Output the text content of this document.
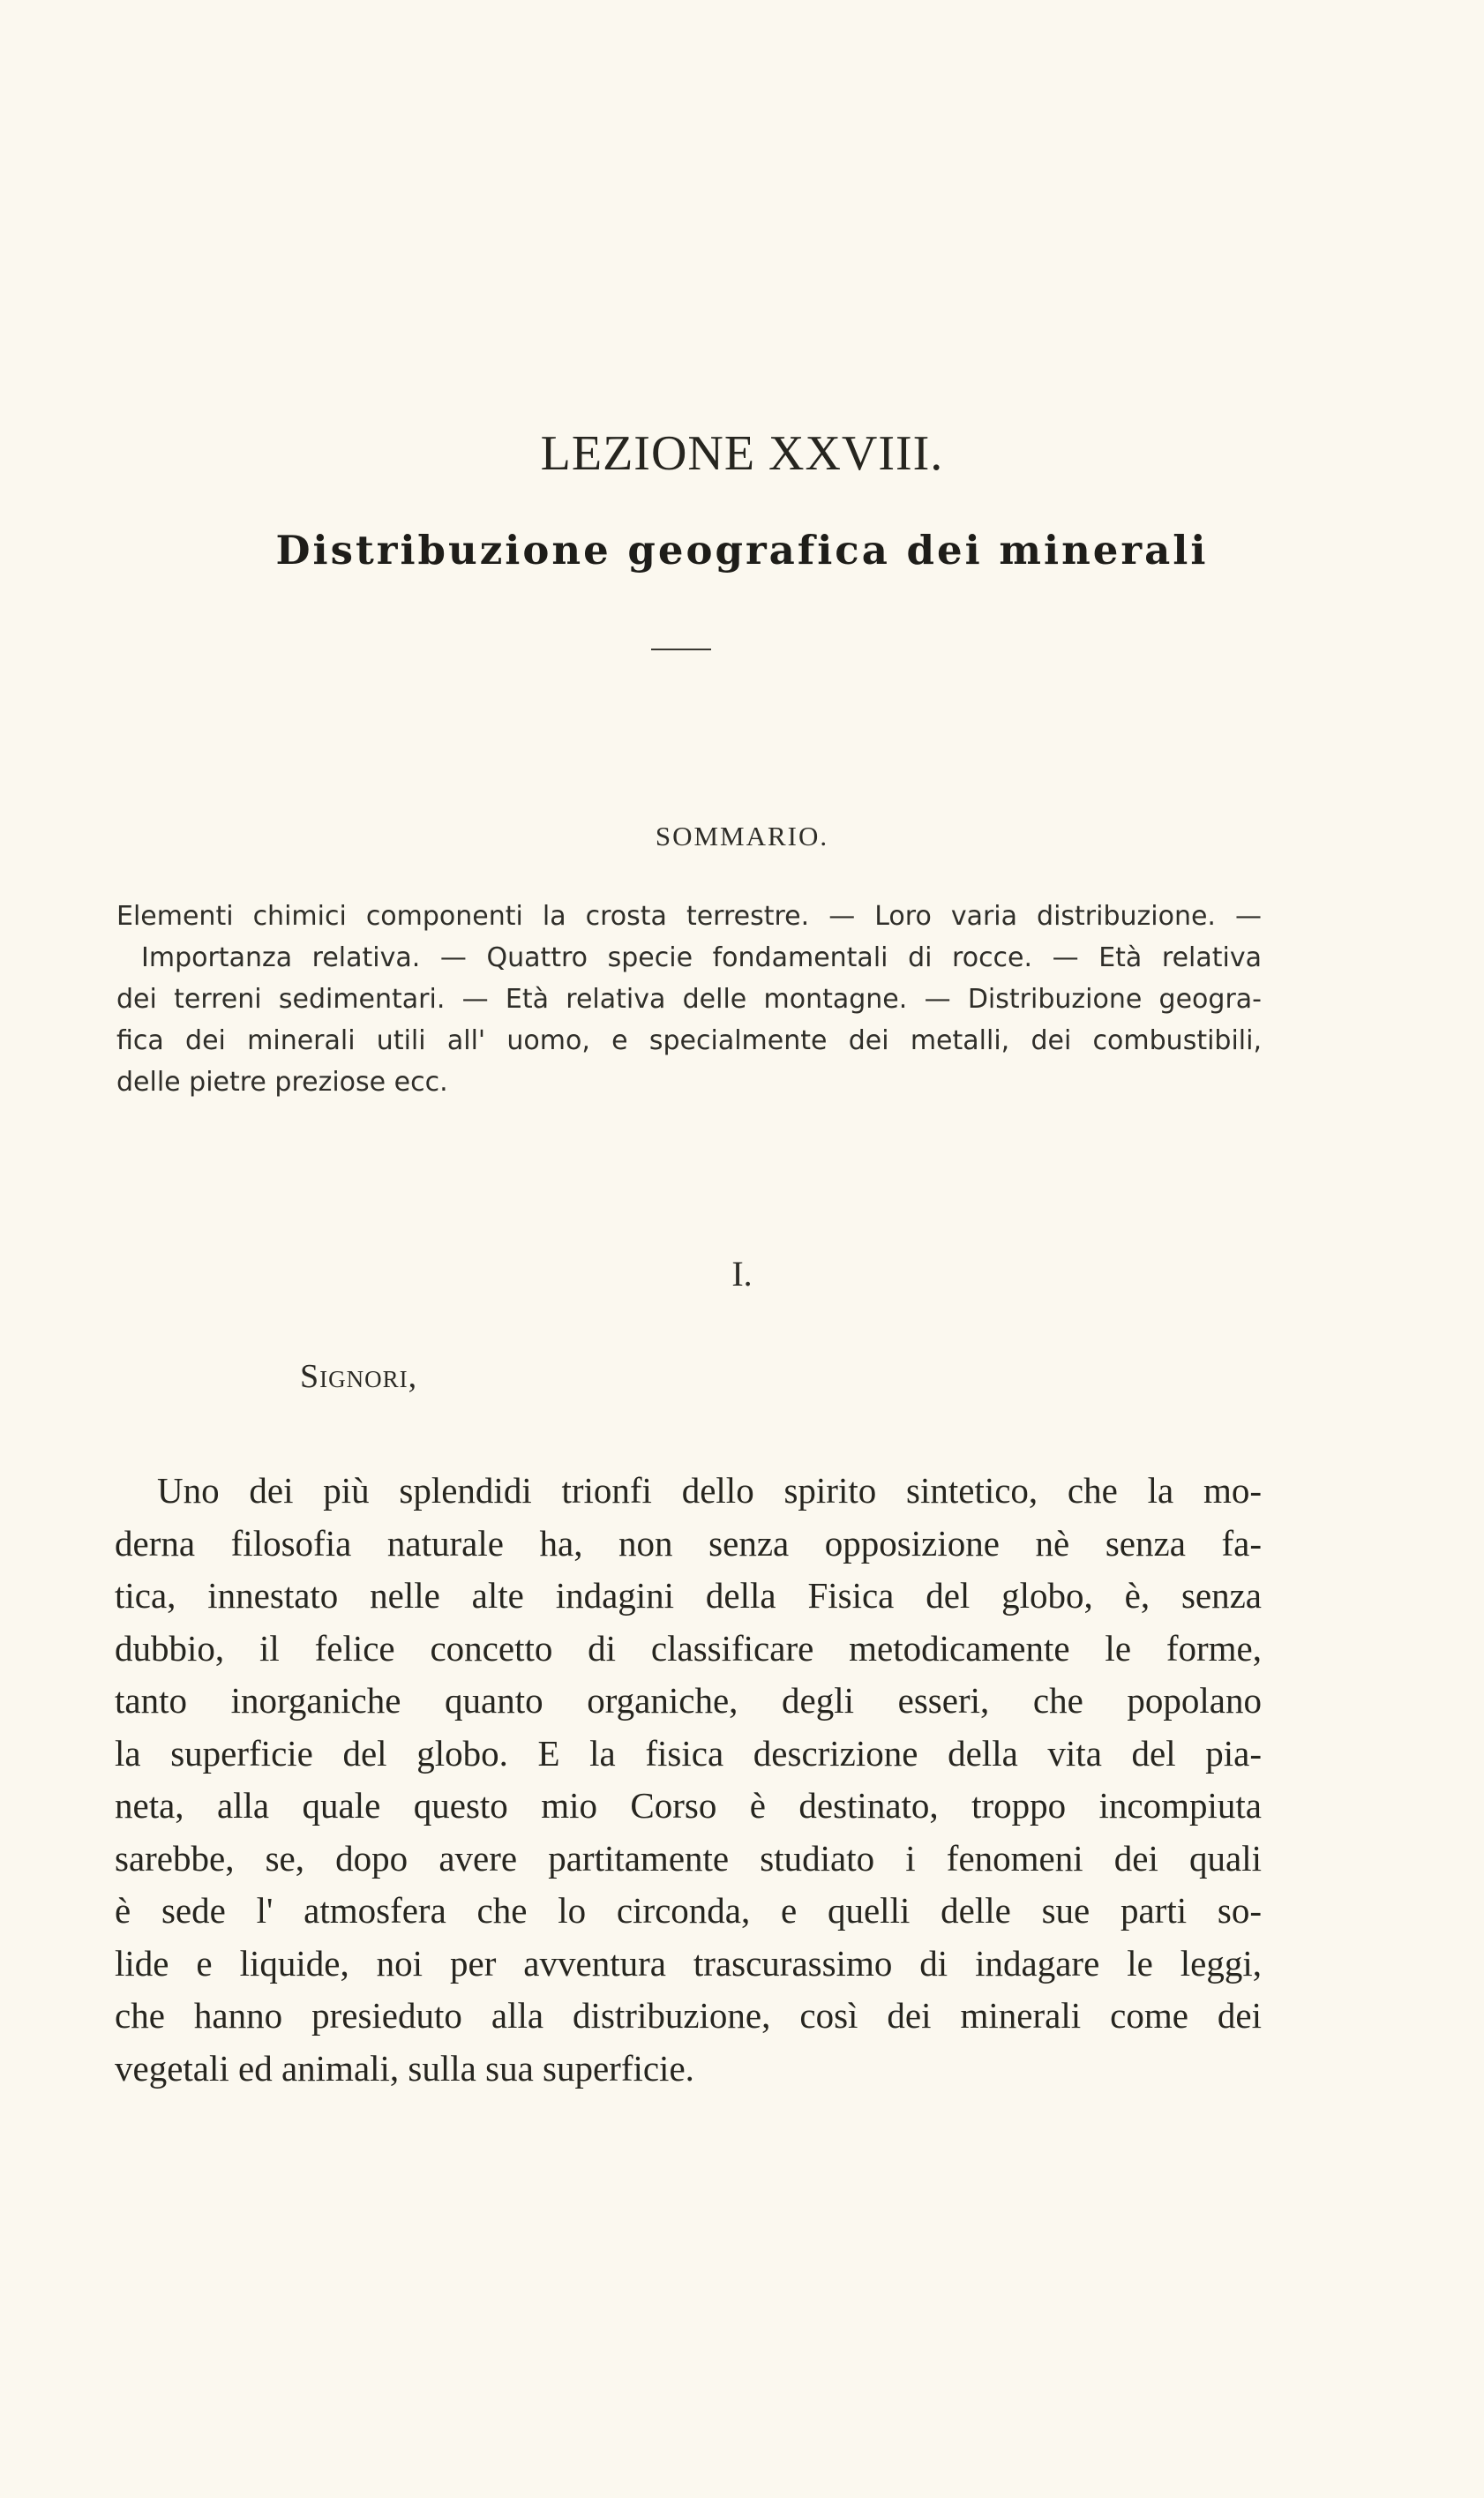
LEZIONE XXVIII.
Distribuzione geografica dei minerali
SOMMARIO.
Elementi chimici componenti la crosta terrestre. — Loro varia distribuzione. —
Importanza relativa. — Quattro specie fondamentali di rocce. — Età relativa
dei terreni sedimentari. — Età relativa delle montagne. — Distribuzione geogra-
fica dei minerali utili all' uomo, e specialmente dei metalli, dei combustibili,
delle pietre preziose ecc.
I.
Signori,
Uno dei più splendidi trionfi dello spirito sintetico, che la mo-
derna filosofia naturale ha, non senza opposizione nè senza fa-
tica, innestato nelle alte indagini della Fisica del globo, è, senza
dubbio, il felice concetto di classificare metodicamente le forme,
tanto inorganiche quanto organiche, degli esseri, che popolano
la superficie del globo. E la fisica descrizione della vita del pia-
neta, alla quale questo mio Corso è destinato, troppo incompiuta
sarebbe, se, dopo avere partitamente studiato i fenomeni dei quali
è sede l' atmosfera che lo circonda, e quelli delle sue parti so-
lide e liquide, noi per avventura trascurassimo di indagare le leggi,
che hanno presieduto alla distribuzione, così dei minerali come dei
vegetali ed animali, sulla sua superficie.
